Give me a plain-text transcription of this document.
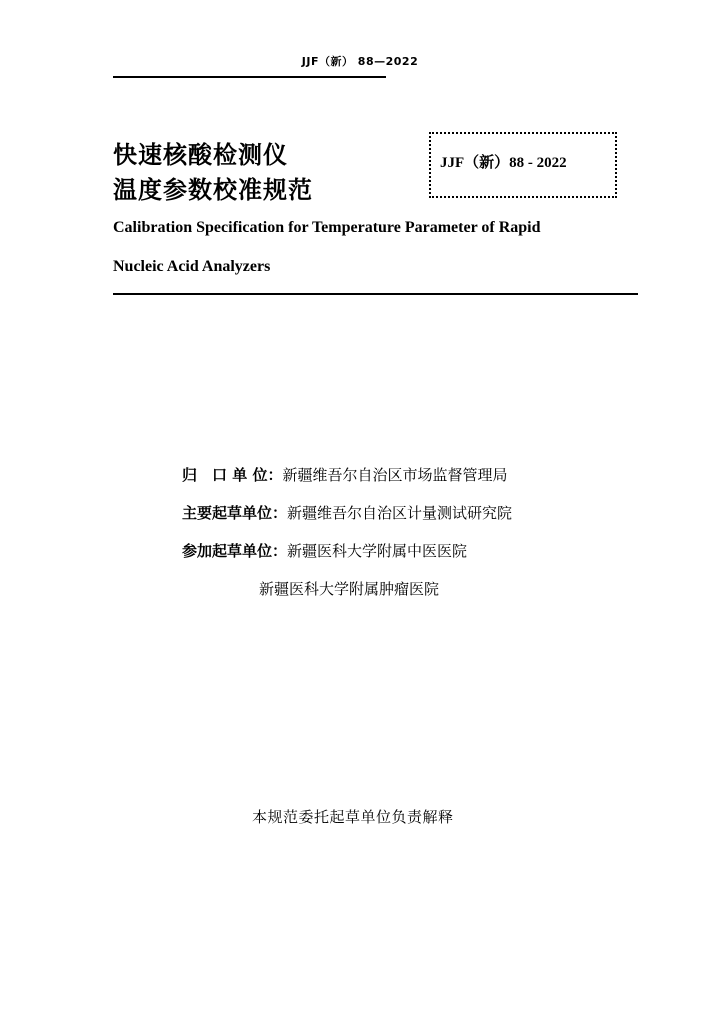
JJF（新） 88—2022
快速核酸检测仪
温度参数校准规范
JJF（新）88 - 2022
Calibration Specification for Temperature Parameter of Rapid
Nucleic Acid Analyzers
归　口 单 位：新疆维吾尔自治区市场监督管理局
主要起草单位：新疆维吾尔自治区计量测试研究院
参加起草单位：新疆医科大学附属中医医院
新疆医科大学附属肿瘤医院
本规范委托起草单位负责解释
